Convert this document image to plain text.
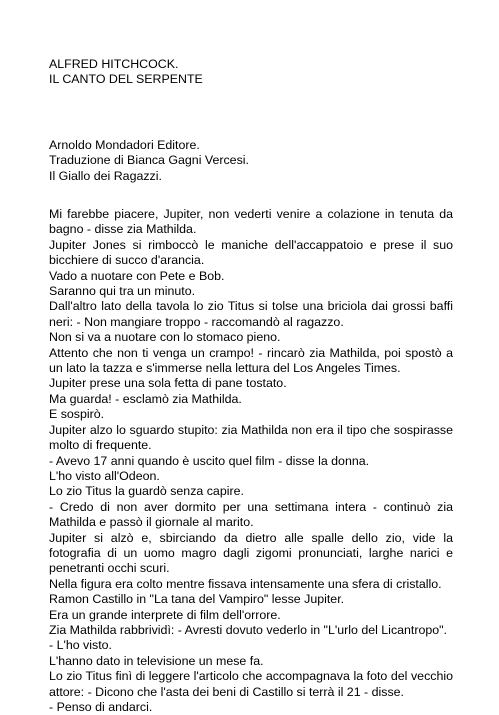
ALFRED HITCHCOCK.
IL CANTO DEL SERPENTE
Arnoldo Mondadori Editore.
Traduzione di Bianca Gagni Vercesi.
Il Giallo dei Ragazzi.
Mi farebbe piacere, Jupiter, non vederti venire a colazione in tenuta da bagno - disse zia Mathilda.
Jupiter Jones si rimboccò le maniche dell'accappatoio e prese il suo bicchiere di succo d'arancia.
Vado a nuotare con Pete e Bob.
Saranno qui tra un minuto.
Dall'altro lato della tavola lo zio Titus si tolse una briciola dai grossi baffi neri: - Non mangiare troppo - raccomandò al ragazzo.
Non si va a nuotare con lo stomaco pieno.
Attento che non ti venga un crampo! - rincarò zia Mathilda, poi spostò a un lato la tazza e s'immerse nella lettura del Los Angeles Times.
Jupiter prese una sola fetta di pane tostato.
Ma guarda! - esclamò zia Mathilda.
E sospirò.
Jupiter alzo lo sguardo stupito: zia Mathilda non era il tipo che sospirasse molto di frequente.
- Avevo 17 anni quando è uscito quel film - disse la donna.
L'ho visto all'Odeon.
Lo zio Titus la guardò senza capire.
- Credo di non aver dormito per una settimana intera - continuò zia Mathilda e passò il giornale al marito.
Jupiter si alzò e, sbirciando da dietro alle spalle dello zio, vide la fotografia di un uomo magro dagli zigomi pronunciati, larghe narici e penetranti occhi scuri.
Nella figura era colto mentre fissava intensamente una sfera di cristallo.
Ramon Castillo in "La tana del Vampiro" lesse Jupiter.
Era un grande interprete di film dell'orrore.
Zia Mathilda rabbrividì: - Avresti dovuto vederlo in "L'urlo del Licantropo".
- L'ho visto.
L'hanno dato in televisione un mese fa.
Lo zio Titus finì di leggere l'articolo che accompagnava la foto del vecchio attore: - Dicono che l'asta dei beni di Castillo si terrà il 21 - disse.
- Penso di andarci.
